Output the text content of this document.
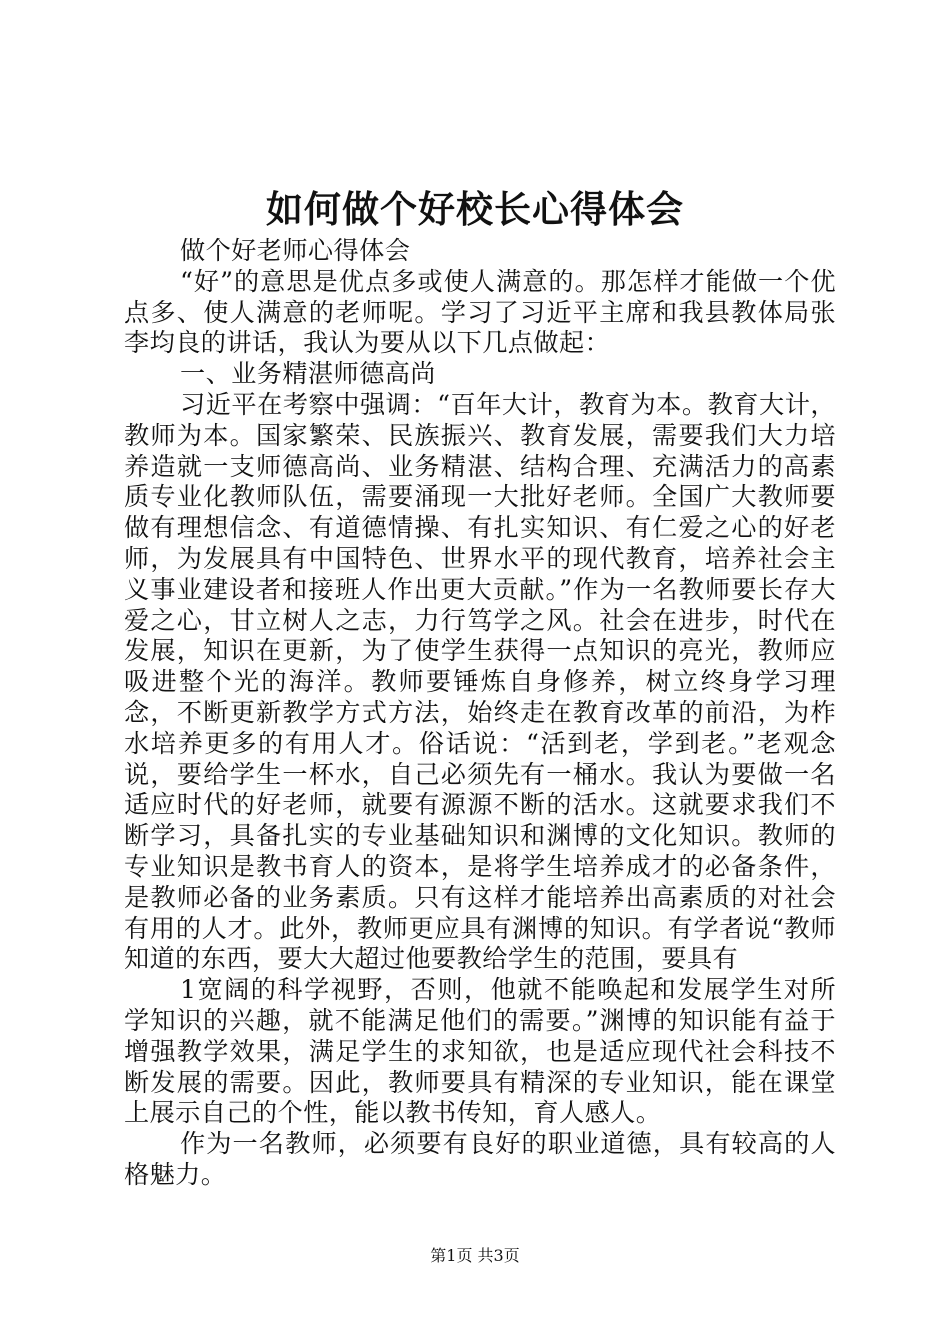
如何做个好校长心得体会

做个好老师心得体会

“好”的意思是优点多或使人满意的。那怎样才能做一个优点多、使人满意的老师呢。学习了习近平主席和我县教体局张李均良的讲话，我认为要从以下几点做起：

一、业务精湛师德高尚

习近平在考察中强调：“百年大计，教育为本。教育大计，教师为本。国家繁荣、民族振兴、教育发展，需要我们大力培养造就一支师德高尚、业务精湛、结构合理、充满活力的高素质专业化教师队伍，需要涌现一大批好老师。全国广大教师要做有理想信念、有道德情操、有扎实知识、有仁爱之心的好老师，为发展具有中国特色、世界水平的现代教育，培养社会主义事业建设者和接班人作出更大贡献。”作为一名教师要长存大爱之心，甘立树人之志，力行笃学之风。社会在进步，时代在发展，知识在更新，为了使学生获得一点知识的亮光，教师应吸进整个光的海洋。教师要锤炼自身修养，树立终身学习理念，不断更新教学方式方法，始终走在教育改革的前沿，为柞水培养更多的有用人才。俗话说：“活到老，学到老。”老观念说，要给学生一杯水，自己必须先有一桶水。我认为要做一名适应时代的好老师，就要有源源不断的活水。这就要求我们不断学习，具备扎实的专业基础知识和渊博的文化知识。教师的专业知识是教书育人的资本，是将学生培养成才的必备条件，是教师必备的业务素质。只有这样才能培养出高素质的对社会有用的人才。此外，教师更应具有渊博的知识。有学者说“教师知道的东西，要大大超过他要教给学生的范围，要具有

1宽阔的科学视野，否则，他就不能唤起和发展学生对所学知识的兴趣，就不能满足他们的需要。”渊博的知识能有益于增强教学效果，满足学生的求知欲，也是适应现代社会科技不断发展的需要。因此，教师要具有精深的专业知识，能在课堂上展示自己的个性，能以教书传知，育人感人。

作为一名教师，必须要有良好的职业道德，具有较高的人格魅力。

第1页 共3页
